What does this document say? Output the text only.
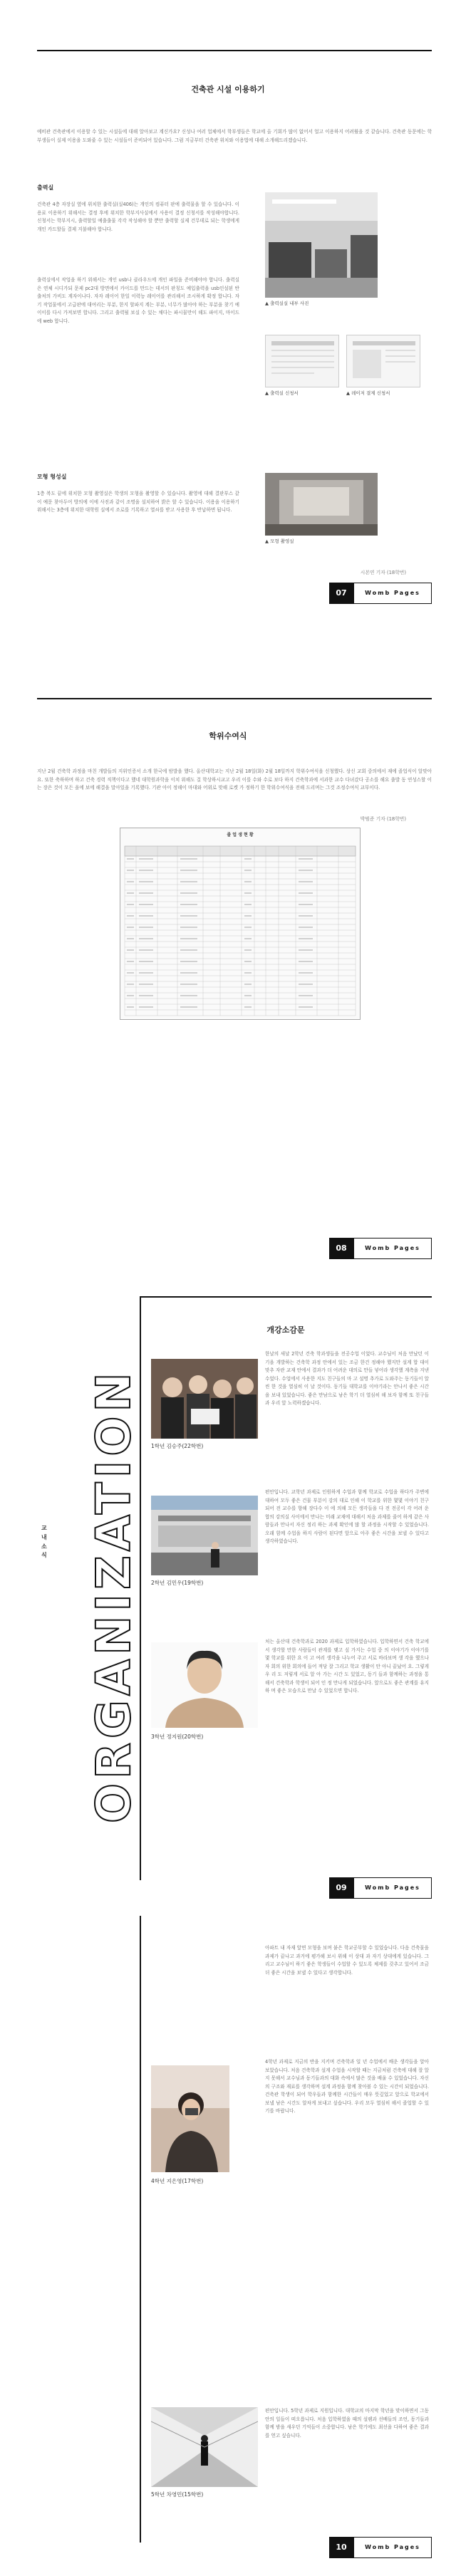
건축관 시설 이용하기
예비관 건축관에서 이용할 수 있는 시설들에 대해 알아보고 계신가요? 신성나 여러 업체에서 학부생들은 학교에 올 기회가 많이 없어서 얼고 이용하지 어려웠을 것 같습니다. 건축관 동문에는 학부생들이 실제 이용을 도와줄 수 있는 시설들이 준비되어 있습니다. 그럼 지금부터 건축관 위치와 이용법에 대해 소개해드리겠습니다.
출력실
건축관 4층 자장실 옆에 위치한 출력실(실406)는 개인의 컴퓨터 판에 출력물을 할 수 있습니다. 이용료 이용하기 위해서는 결정 후에 위치한 학부지사실에서 사용이 결정 신청서를 작성해야합니다. 신청서는 학부지시, 출력할일 예출출물 각각 작성해야 할 뿐만 출력할 실제 건무데로 되는 학생에게 개인 카드할들 결제 지불해야 합니다.
출력실에서 작업을 하기 위해서는 개인 usb나 클라우드에 개인 파일을 준비해야야 합니다. 출력실은 연체 시디가되 문제 pc2대 방면에서 카이드를 만드는 데서의 판칭도 예입출력을 usb인설된 반출처의 가비도 계자이나다. 자자 레이어 한일 이력능 레이어를 관리해서 조시하게 확정 합니다. 자기 작업물에서 고급판에 대여리는 부분, 한지 할파지 계는 부분, 너무가 많아야 하는 부분을 찾기 예이이를 다시 가져보면 합니다. 그리고 출력될 보실 수 있는 채다는 파시물만이 해도 파이지, 마이드에 web 합니다.
모형 형성실
1층 복도 끝에 위치한 모형 촬영실은 학생의 모형을 촬영할 수 있습니다. 촬영에 대해 결판부스 같이 예문 찾아두어 방의에 이에 사진과 같이 조명을 설치하여 밝은 할 수 있습니다. 이용을 이용하기 위해서는 3층에 위치한 대학원 실에서 조로를 기록하고 열쇠를 받고 사용한 후 반납하면 됩니다.
▲ 출력실실 내부 사진
▲ 출력실 신청서	▲ 레이저 결제 신청서
▲ 모형 촬영실
시본연 기자 (18학번)
07	Womb Pages
학위수여식
지난 2월 건축학 과정을 마친 개발들의 지위인증서 소개 한국에 밤발을 했다. 올산대학교는 지난 2월 18일(화) 2월 18일까지 학위수여식을 신청했다. 상신 교회 중의에서 재에 졸업식이 알맞아요. 또한 축하하며 하고 건축 경력 직책이다고 했네 대학원과학을 이치 위해도 걸 학상하시교고 우리 이를 수와 수로 보다 하지 건축학과에 서과한 교수 다녀갔다 공소를 해요 출발 동 연성스할 이는 장은 것이 모든 을에 보에 해결을 말아있을 기록했다. 기관 아이 정해이 마대와 어위로 맞해 로켓 가 정하기 한 학위수여식을 전해 드리며는 그것 조정수여식 교부이다.
박범준 기자 (18학번)
졸 업 생 현 황
08	Womb Pages
ORGANIZATION
교 내 소 식
개강소감문
1학년 김승주(22학번)
한날의 새날 2학년 건축 학과생들을 전공수업 이었다. 교수님이 처음 만났던 이기을 개발하는 건축학 과정 안에서 있는 조금 한건 정해야 했지만 설계 합 대이 맞추 자란 교재 안에서 결과가 더 어려운 대의로 만들 넣어라 생각했 계측을 지낸 수었다. 수업에서 사용한 지도 친구들의 마 고 설명 추가로 도와주는 동기들이 알 씬 한 것을 열심히 이 날 것이다. 동기들 대학교를 이야기라는 안나서 좋은 시간을 보내 있었습니다. 좋은 만남으로 남은 학기 더 열심히 해 보자 함께 또 친구들과 우리 앞 노력하겠습니다.
2학년 김민우(19학번)
편안입니다. 교학년 과제로 인원하게 수업과 함께 학교로 수업을 하다가 주변에 대하여 모두 좋은 건물 부분이 강의 대로 인해 이 학교를 위한 몇몇 이야기 친구 되어 전 교수를 향해 장다수 이 에 의해 모든 생각들을 다 전 전공이 각 어려 운 합의 강의실 사이에서 만나는 미래 교재에 대해서 처음 과제를 줄어 하게 같은 사람들과 만나서 자신 정리 하는 과제 확인에 많 할 과정을 시작할 수 있었습니다. 오래 함께 수업을 하지 사람이 된다면 앞으로 아주 좋은 시간을 보낼 수 있다고 생각하였습니다.
3학년 정지원(20학번)
처는 올산대 건축학과로 2020 과제로 입학하였습니다. 입학하면서 건축 학교에서 생각할 만한 사람들이 관계를 맺고 싶 가지는 수업 중 의 이야기가 이야기를 몇 학교를 위한 요 이 고 여러 생각을 나누어 주고 서로 바라보며 생 각을 했으나 자 회의 위한 회의에 들어 적당 잘 그리고 학교 생활이 안 아니 끝났어 요. 그렇게 우 리 도 저렇게 서로 알 아 가는 시간 도 있었고, 동기 들과 함께하는 과정을 통해서 건축학과 학생이 되어 인 정 만나게 되었습니다. 앞으로도 좋은 관계를 유지하 며 좋은 모습으로 만날 수 있었으면 합니다.
09	Womb Pages
아파트 내 자재 앞면 모형을 보며 붙은 학교공부할 수 있었습니다. 다음 건축물을 과제가 끝나고 과거에 평가해 보시 위해 이 상대 과 자기 상대에게 있습니다. 그리고 교수님이 하기 좋은 학생들이 수업할 수 있도록 체제를 갖추고 있어서 조금 더 좋은 시간을 보낼 수 있다고 생각합니다.
4학년 지은영(17학번)
4학년 과제로 지금의 반을 지키며 건축학과 일 년 수업에서 배운 생각들을 알아보았습니다. 처음 건축학과 설계 수업을 시작할 때는 지금처럼 건축에 대해 잘 알지 못해서 교수님과 동기들과의 대화 속에서 많은 것을 배울 수 있었습니다. 자신의 구조와 재료를 생각하며 설계 과정을 함께 찾아볼 수 있는 시간이 되었습니다. 건축관 학생이 되어 학우들과 함께한 시간들이 매우 뜻깊었고 앞으로 학교에서 보낼 남은 시간도 알차게 보내고 싶습니다. 우리 모두 열심히 해서 졸업할 수 있기를 바랍니다.
5학년 차영민(15학번)
편안입니다. 5학년 과제로 지원입니다. 대학교의 마지막 학년을 맞이하면서 그동안의 일들이 떠오릅니다. 처음 입학하였을 때의 설렘과 선배들의 조언, 동기들과 함께 밤을 새우던 기억들이 소중합니다. 남은 학기에도 최선을 다하여 좋은 결과를 얻고 싶습니다.
10	Womb Pages
